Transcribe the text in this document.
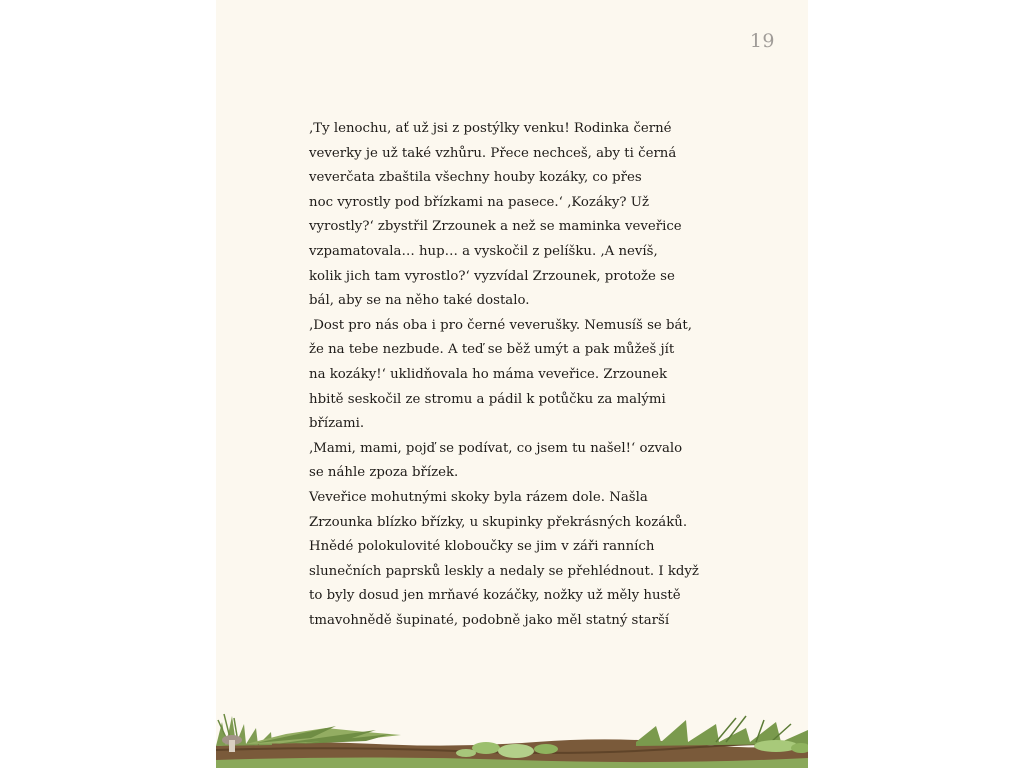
19
‚Ty lenochu, ať už jsi z postýlky venku! Rodinka černé
veverky je už také vzhůru. Přece nechceš, aby ti černá
veverčata zbaštila všechny houby kozáky, co přes
noc vyrostly pod břízkami na pasece.‘ ‚Kozáky? Už
vyrostly?‘ zbystřil Zrzounek a než se maminka veveřice
vzpamatovala… hup… a vyskočil z pelíšku. ‚A nevíš,
kolik jich tam vyrostlo?‘ vyzvídal Zrzounek, protože se
bál, aby se na něho také dostalo.
‚Dost pro nás oba i pro černé veverušky. Nemusíš se bát,
že na tebe nezbude. A teď se běž umýt a pak můžeš jít
na kozáky!‘ uklidňovala ho máma veveřice. Zrzounek
hbitě seskočil ze stromu a pádil k potůčku za malými
břízami.
‚Mami, mami, pojď se podívat, co jsem tu našel!‘ ozvalo
se náhle zpoza břízek.
Veveřice mohutnými skoky byla rázem dole. Našla
Zrzounka blízko břízky, u skupinky překrásných kozáků.
Hnědé polokulovité kloboučky se jim v záři ranních
slunečních paprsků leskly a nedaly se přehlédnout. I když
to byly dosud jen mrňavé kozáčky, nožky už měly hustě
tmavohnědě šupinaté, podobně jako měl statný starší
